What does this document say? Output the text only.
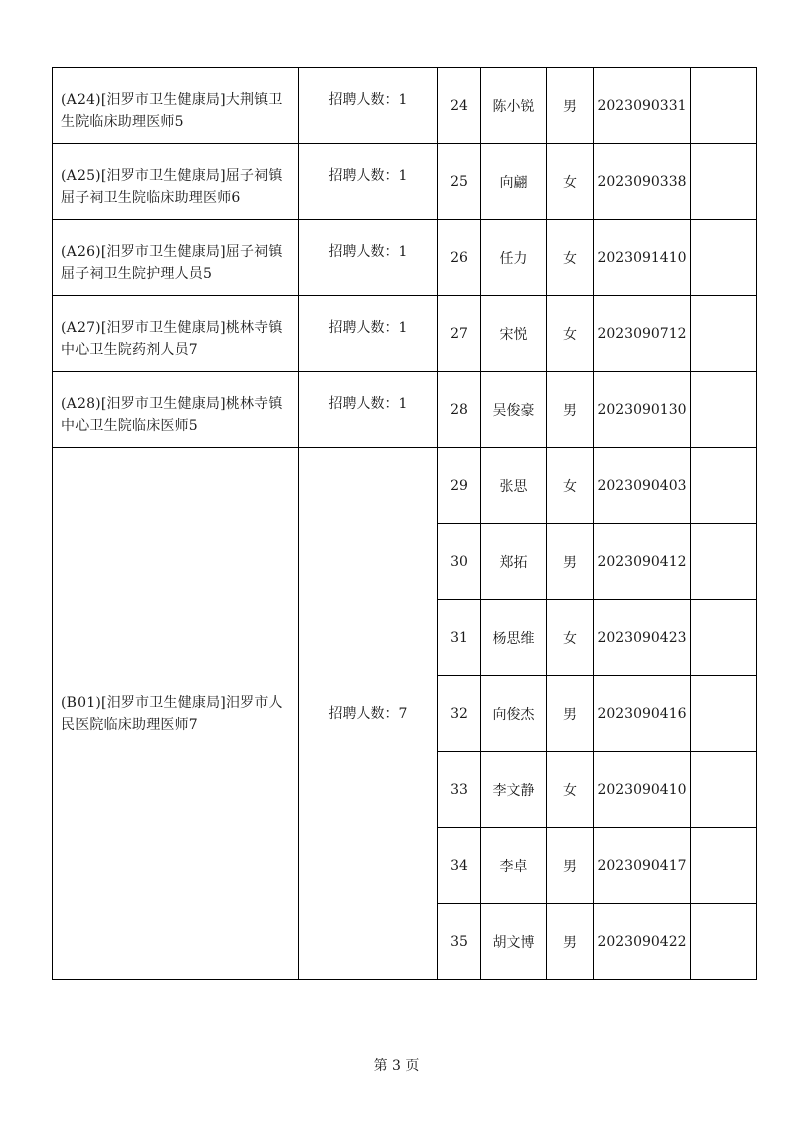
(A24)[汨罗市卫生健康局]大荆镇卫生院临床助理医师5	招聘人数：1	24	陈小锐	男	2023090331	
(A25)[汨罗市卫生健康局]屈子祠镇屈子祠卫生院临床助理医师6	招聘人数：1	25	向翩	女	2023090338	
(A26)[汨罗市卫生健康局]屈子祠镇屈子祠卫生院护理人员5	招聘人数：1	26	任力	女	2023091410	
(A27)[汨罗市卫生健康局]桃林寺镇中心卫生院药剂人员7	招聘人数：1	27	宋悦	女	2023090712	
(A28)[汨罗市卫生健康局]桃林寺镇中心卫生院临床医师5	招聘人数：1	28	吴俊豪	男	2023090130	
(B01)[汨罗市卫生健康局]汨罗市人民医院临床助理医师7	招聘人数：7	29	张思	女	2023090403	
		30	郑拓	男	2023090412	
		31	杨思维	女	2023090423	
		32	向俊杰	男	2023090416	
		33	李文静	女	2023090410	
		34	李卓	男	2023090417	
		35	胡文博	男	2023090422	
第 3 页
